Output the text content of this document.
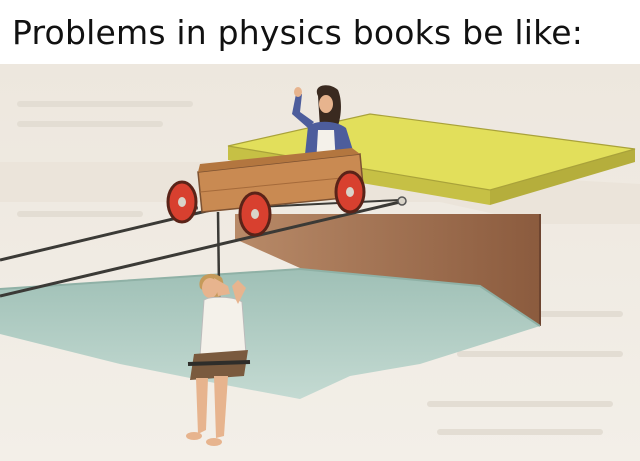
Problems in physics books be like:
